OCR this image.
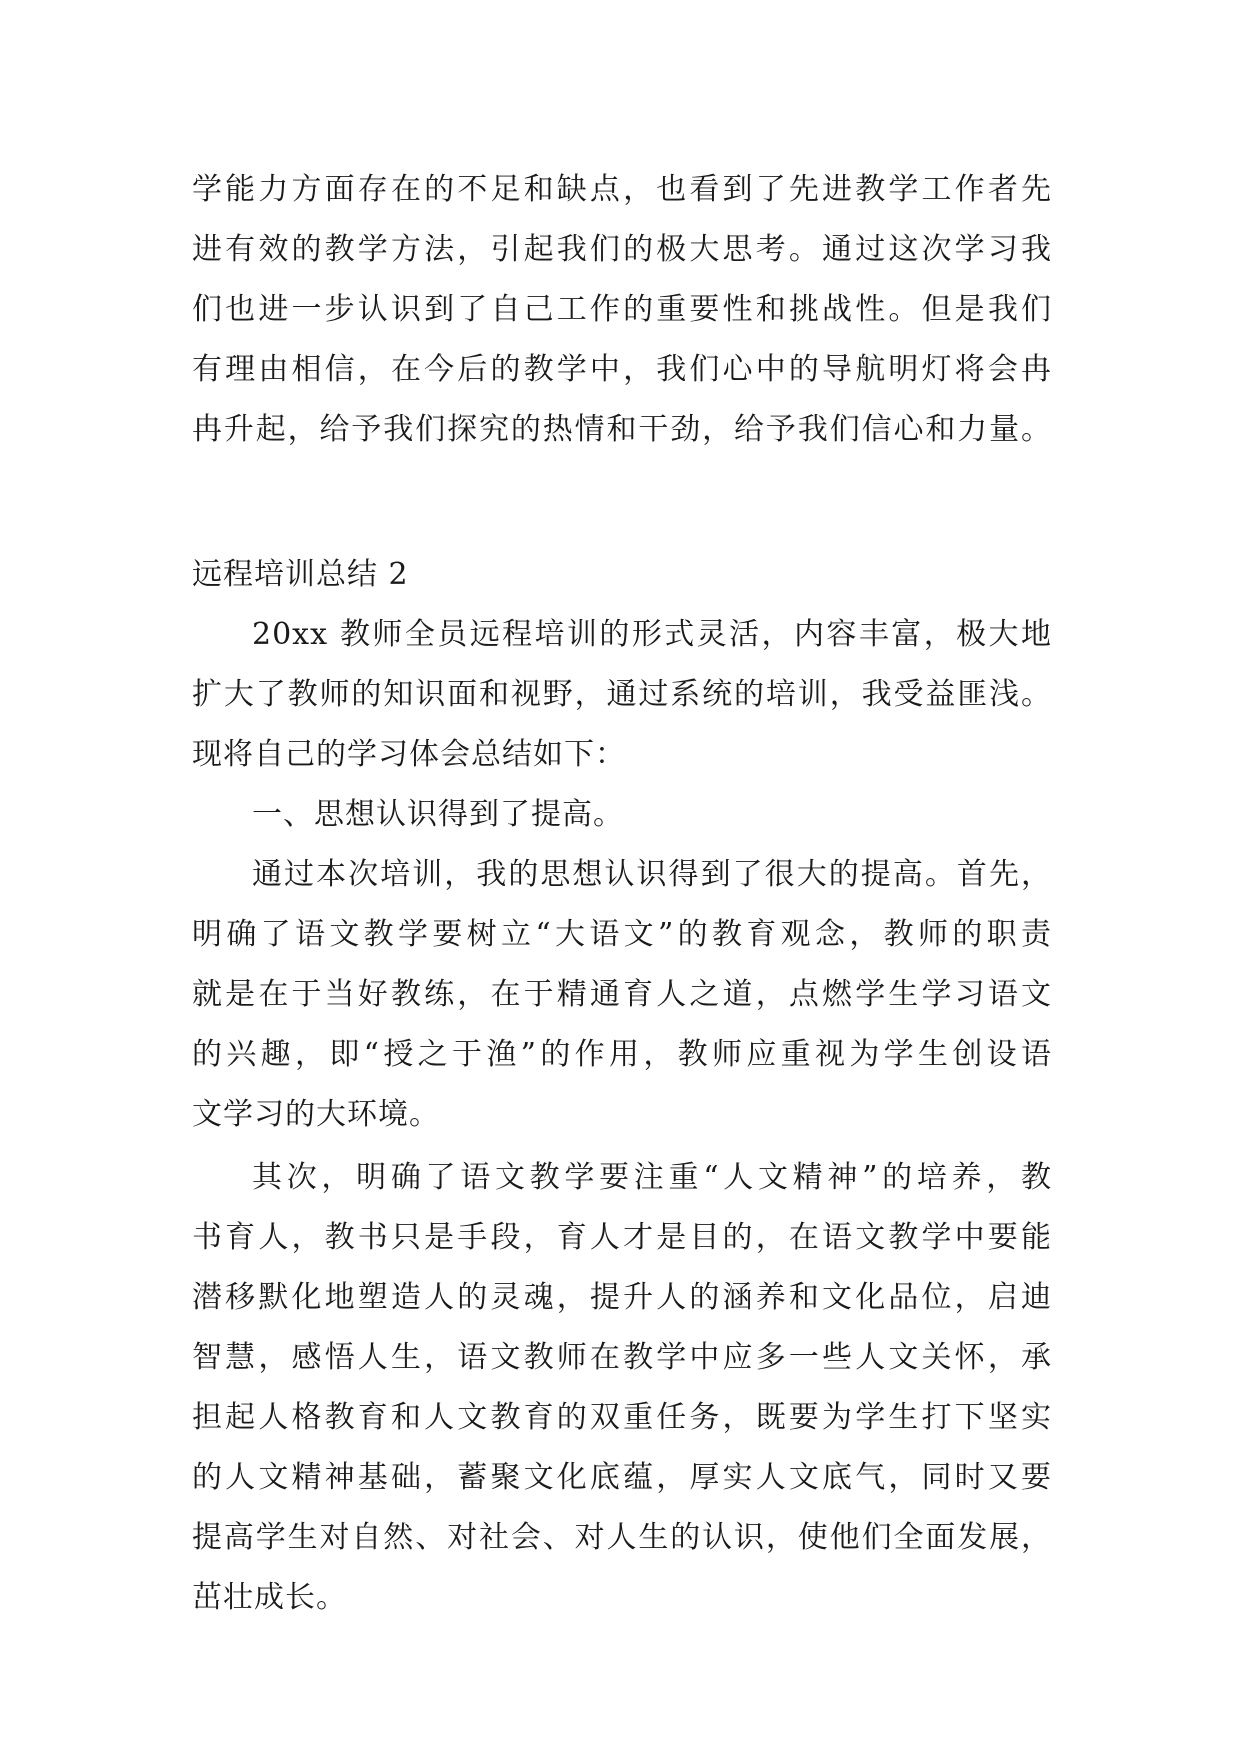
学能力方面存在的不足和缺点，也看到了先进教学工作者先
进有效的教学方法，引起我们的极大思考。通过这次学习我
们也进一步认识到了自己工作的重要性和挑战性。但是我们
有理由相信，在今后的教学中，我们心中的导航明灯将会冉
冉升起，给予我们探究的热情和干劲，给予我们信心和力量。
远程培训总结 2
20xx 教师全员远程培训的形式灵活，内容丰富，极大地
扩大了教师的知识面和视野，通过系统的培训，我受益匪浅。
现将自己的学习体会总结如下：
一、思想认识得到了提高。
通过本次培训，我的思想认识得到了很大的提高。首先，
明确了语文教学要树立“大语文”的教育观念，教师的职责
就是在于当好教练，在于精通育人之道，点燃学生学习语文
的兴趣，即“授之于渔”的作用，教师应重视为学生创设语
文学习的大环境。
其次，明确了语文教学要注重“人文精神”的培养，教
书育人，教书只是手段，育人才是目的，在语文教学中要能
潜移默化地塑造人的灵魂，提升人的涵养和文化品位，启迪
智慧，感悟人生，语文教师在教学中应多一些人文关怀，承
担起人格教育和人文教育的双重任务，既要为学生打下坚实
的人文精神基础，蓄聚文化底蕴，厚实人文底气，同时又要
提高学生对自然、对社会、对人生的认识，使他们全面发展，
茁壮成长。
